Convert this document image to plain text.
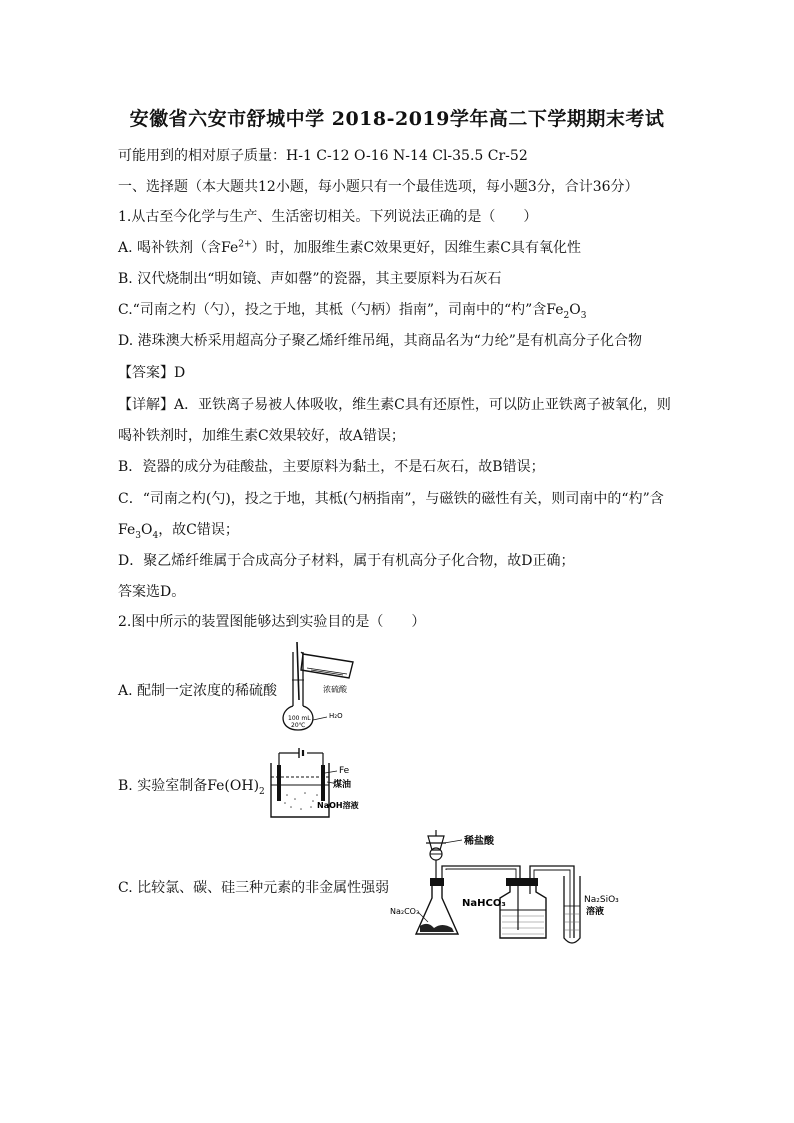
安徽省六安市舒城中学 2018-2019学年高二下学期期末考试
可能用到的相对原子质量：H-1 C-12 O-16 N-14 Cl-35.5 Cr-52
一、选择题（本大题共12小题，每小题只有一个最佳选项，每小题3分，合计36分）
1.从古至今化学与生产、生活密切相关。下列说法正确的是（　　）
A. 喝补铁剂（含$Fe^{2+}$）时，加服维生素C效果更好，因维生素C具有氧化性
B. 汉代烧制出“明如镜、声如罄”的瓷器，其主要原料为石灰石
C.“司南之杓（勺），投之于地，其柢（勺柄）指南”，司南中的“杓”含$Fe_2O_3$
D. 港珠澳大桥采用超高分子聚乙烯纤维吊绳，其商品名为“力纶”是有机高分子化合物
【答案】D
【详解】A．亚铁离子易被人体吸收，维生素C具有还原性，可以防止亚铁离子被氧化，则
喝补铁剂时，加维生素C效果较好，故A错误；
B．瓷器的成分为硅酸盐，主要原料为黏土，不是石灰石，故B错误；
C．“司南之杓(勺)，投之于地，其柢(勺柄指南”，与磁铁的磁性有关，则司南中的“杓”含
$Fe_3O_4$，故C错误；
D．聚乙烯纤维属于合成高分子材料，属于有机高分子化合物，故D正确；
答案选D。
2.图中所示的装置图能够达到实验目的是（　　）
A. 配制一定浓度的稀硫酸	浓硫酸
100 mL
20℃
H₂O
B. 实验室制备$Fe(OH)_2$
Fe
煤油
NaOH溶液
C. 比较氯、碳、硅三种元素的非金属性强弱
稀盐酸
Na₂CO₃
NaHCO₃	Na₂SiO₃
溶液
